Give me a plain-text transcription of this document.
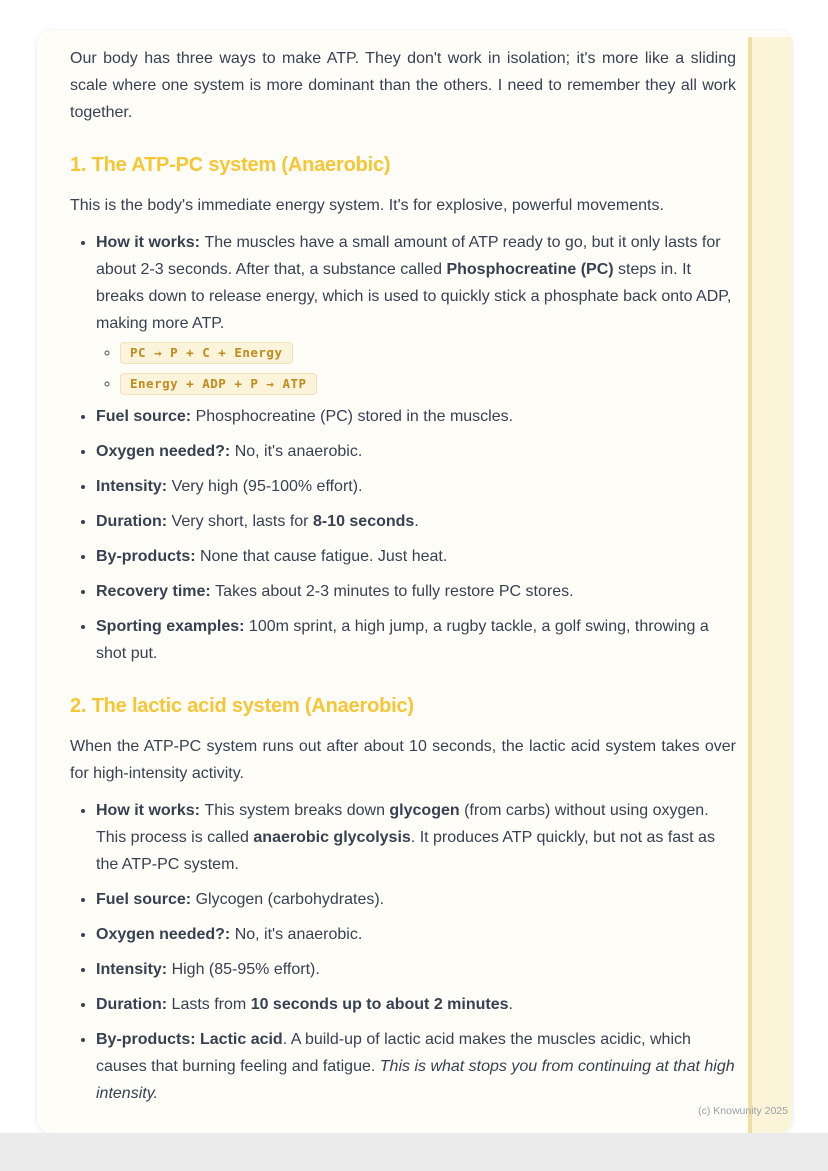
Our body has three ways to make ATP. They don't work in isolation; it's more like a sliding scale where one system is more dominant than the others. I need to remember they all work together.

1. The ATP-PC system (Anaerobic)

This is the body's immediate energy system. It's for explosive, powerful movements.

• How it works: The muscles have a small amount of ATP ready to go, but it only lasts for about 2-3 seconds. After that, a substance called Phosphocreatine (PC) steps in. It breaks down to release energy, which is used to quickly stick a phosphate back onto ADP, making more ATP.
◦ PC → P + C + Energy
◦ Energy + ADP + P → ATP
• Fuel source: Phosphocreatine (PC) stored in the muscles.
• Oxygen needed?: No, it's anaerobic.
• Intensity: Very high (95-100% effort).
• Duration: Very short, lasts for 8-10 seconds.
• By-products: None that cause fatigue. Just heat.
• Recovery time: Takes about 2-3 minutes to fully restore PC stores.
• Sporting examples: 100m sprint, a high jump, a rugby tackle, a golf swing, throwing a shot put.
2. The lactic acid system (Anaerobic)

When the ATP-PC system runs out after about 10 seconds, the lactic acid system takes over for high-intensity activity.

• How it works: This system breaks down glycogen (from carbs) without using oxygen. This process is called anaerobic glycolysis. It produces ATP quickly, but not as fast as the ATP-PC system.
• Fuel source: Glycogen (carbohydrates).
• Oxygen needed?: No, it's anaerobic.
• Intensity: High (85-95% effort).
• Duration: Lasts from 10 seconds up to about 2 minutes.
• By-products: Lactic acid. A build-up of lactic acid makes the muscles acidic, which causes that burning feeling and fatigue. This is what stops you from continuing at that high intensity.
(c) Knowunity 2025
